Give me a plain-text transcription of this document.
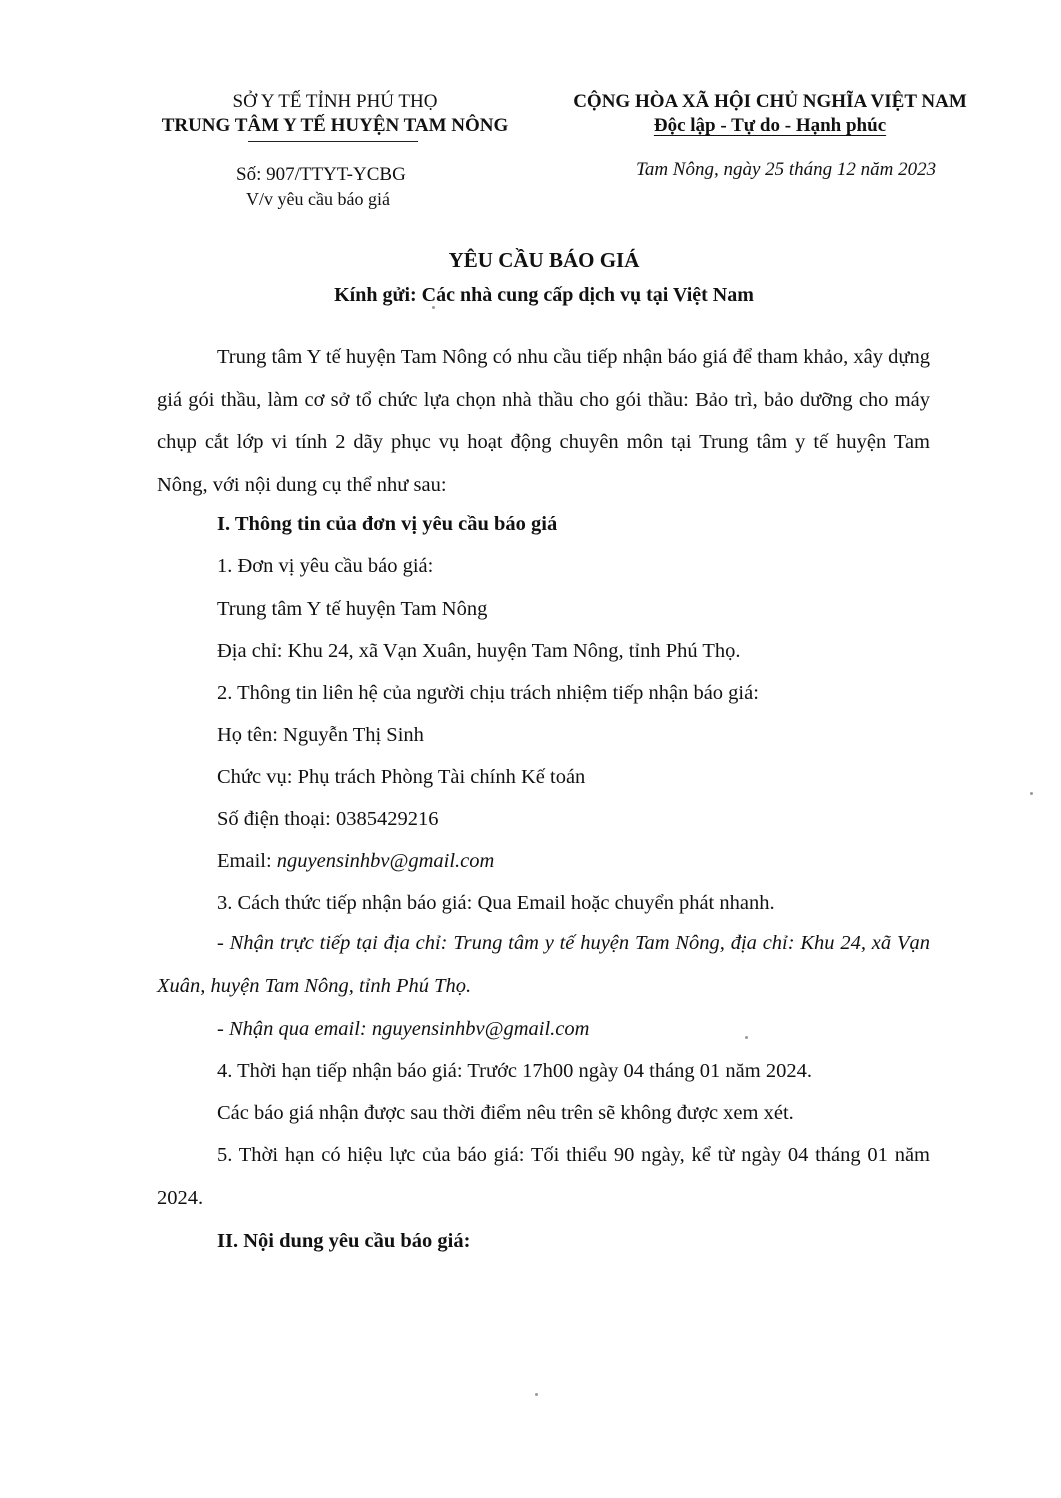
SỞ Y TẾ TỈNH PHÚ THỌ
TRUNG TÂM Y TẾ HUYỆN TAM NÔNG
CỘNG HÒA XÃ HỘI CHỦ NGHĨA VIỆT NAM
Độc lập - Tự do - Hạnh phúc
Số: 907/TTYT-YCBG
V/v yêu cầu báo giá
Tam Nông, ngày 25 tháng 12 năm 2023
YÊU CẦU BÁO GIÁ
Kính gửi: Các nhà cung cấp dịch vụ tại Việt Nam
Trung tâm Y tế huyện Tam Nông có nhu cầu tiếp nhận báo giá để tham khảo, xây dựng giá gói thầu, làm cơ sở tổ chức lựa chọn nhà thầu cho gói thầu: Bảo trì, bảo dưỡng cho máy chụp cắt lớp vi tính 2 dãy phục vụ hoạt động chuyên môn tại Trung tâm y tế huyện Tam Nông, với nội dung cụ thể như sau:
I. Thông tin của đơn vị yêu cầu báo giá
1. Đơn vị yêu cầu báo giá:
Trung tâm Y tế huyện Tam Nông
Địa chỉ: Khu 24, xã Vạn Xuân, huyện Tam Nông, tỉnh Phú Thọ.
2. Thông tin liên hệ của người chịu trách nhiệm tiếp nhận báo giá:
Họ tên: Nguyễn Thị Sinh
Chức vụ: Phụ trách Phòng Tài chính Kế toán
Số điện thoại: 0385429216
Email: nguyensinhbv@gmail.com
3. Cách thức tiếp nhận báo giá: Qua Email hoặc chuyển phát nhanh.
- Nhận trực tiếp tại địa chỉ: Trung tâm y tế huyện Tam Nông, địa chỉ: Khu 24, xã Vạn Xuân, huyện Tam Nông, tỉnh Phú Thọ.
- Nhận qua email: nguyensinhbv@gmail.com
4. Thời hạn tiếp nhận báo giá: Trước 17h00 ngày 04 tháng 01 năm 2024.
Các báo giá nhận được sau thời điểm nêu trên sẽ không được xem xét.
5. Thời hạn có hiệu lực của báo giá: Tối thiểu 90 ngày, kể từ ngày 04 tháng 01 năm 2024.
II. Nội dung yêu cầu báo giá:
